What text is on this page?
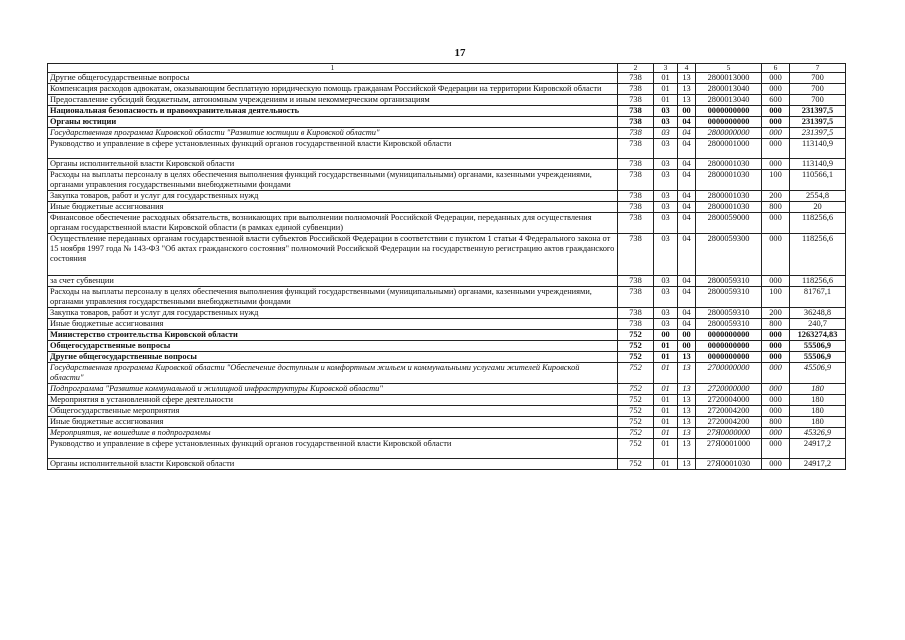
17
1	2	3	4	5	6	7
Другие общегосударственные вопросы	738	01	13	2800013000	000	700
Компенсация расходов адвокатам, оказывающим бесплатную юридическую помощь гражданам Российской Федерации на территории Кировской области	738	01	13	2800013040	000	700
Предоставление субсидий бюджетным, автономным учреждениям и иным некоммерческим организациям	738	01	13	2800013040	600	700
Национальная безопасность и правоохранительная деятельность	738	03	00	0000000000	000	231397,5
Органы юстиции	738	03	04	0000000000	000	231397,5
Государственная программа Кировской области "Развитие юстиции в Кировской области"	738	03	04	2800000000	000	231397,5
Руководство и управление в сфере установленных функций органов государственной власти Кировской области	738	03	04	2800001000	000	113140,9
Органы исполнительной власти Кировской области	738	03	04	2800001030	000	113140,9
Расходы на выплаты персоналу в целях обеспечения выполнения функций государственными (муниципальными) органами, казенными учреждениями, органами управления государственными внебюджетными фондами	738	03	04	2800001030	100	110566,1
Закупка товаров, работ и услуг для государственных нужд	738	03	04	2800001030	200	2554,8
Иные бюджетные ассигнования	738	03	04	2800001030	800	20
Финансовое обеспечение расходных обязательств, возникающих при выполнении полномочий Российской Федерации, переданных для осуществления органам государственной власти Кировской области (в рамках единой субвенции)	738	03	04	2800059000	000	118256,6
Осуществление переданных органам государственной власти субъектов Российской Федерации в соответствии с пунктом 1 статьи 4 Федерального закона от 15 ноября 1997 года № 143-ФЗ "Об актах гражданского состояния" полномочий Российской Федерации на государственную регистрацию актов гражданского состояния	738	03	04	2800059300	000	118256,6
за счет субвенции	738	03	04	2800059310	000	118256,6
Расходы на выплаты персоналу в целях обеспечения выполнения функций государственными (муниципальными) органами, казенными учреждениями, органами управления государственными внебюджетными фондами	738	03	04	2800059310	100	81767,1
Закупка товаров, работ и услуг для государственных нужд	738	03	04	2800059310	200	36248,8
Иные бюджетные ассигнования	738	03	04	2800059310	800	240,7
Министерство строительства Кировской области	752	00	00	0000000000	000	1263274,83
Общегосударственные вопросы	752	01	00	0000000000	000	55506,9
Другие общегосударственные вопросы	752	01	13	0000000000	000	55506,9
Государственная программа Кировской области "Обеспечение доступным и комфортным жильем и коммунальными услугами жителей Кировской области"	752	01	13	2700000000	000	45506,9
Подпрограмма "Развитие коммунальной и жилищной инфраструктуры Кировской области"	752	01	13	2720000000	000	180
Мероприятия в установленной сфере деятельности	752	01	13	2720004000	000	180
Общегосударственные мероприятия	752	01	13	2720004200	000	180
Иные бюджетные ассигнования	752	01	13	2720004200	800	180
Мероприятия, не вошедшие в подпрограммы	752	01	13	27Я0000000	000	45326,9
Руководство и управление в сфере установленных функций органов государственной власти Кировской области	752	01	13	27Я0001000	000	24917,2
Органы исполнительной власти Кировской области	752	01	13	27Я0001030	000	24917,2
